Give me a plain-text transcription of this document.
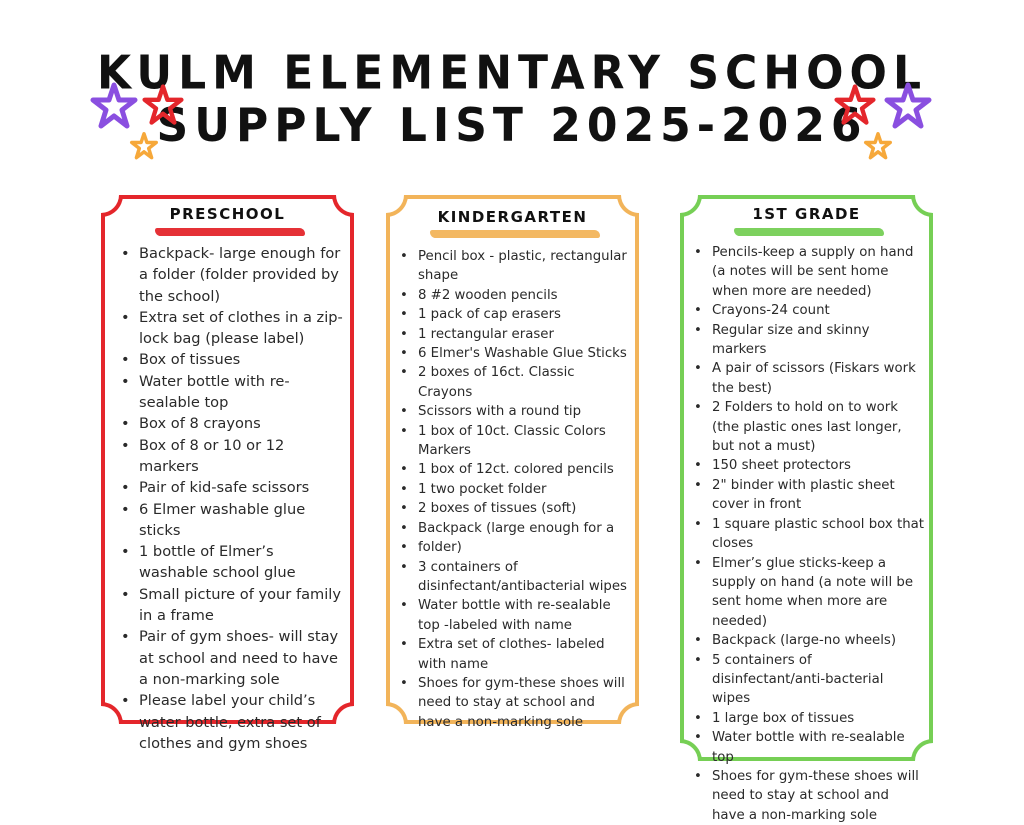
KULM ELEMENTARY SCHOOL
SUPPLY LIST 2025-2026
PRESCHOOL
• Backpack- large enough for a folder (folder provided by the school)
• Extra set of clothes in a zip-lock bag (please label)
• Box of tissues
• Water bottle with re-sealable top
• Box of 8 crayons
• Box of 8 or 10 or 12 markers
• Pair of kid-safe scissors
• 6 Elmer washable glue sticks
• 1 bottle of Elmer’s washable school glue
• Small picture of your family in a frame
• Pair of gym shoes- will stay at school and need to have a non-marking sole
• Please label your child’s water bottle, extra set of clothes and gym shoes
KINDERGARTEN
• Pencil box - plastic, rectangular shape
• 8 #2 wooden pencils
• 1 pack of cap erasers
• 1 rectangular eraser
• 6 Elmer's Washable Glue Sticks
• 2 boxes of 16ct. Classic Crayons
• Scissors with a round tip
• 1 box of 10ct. Classic Colors Markers
• 1 box of 12ct. colored pencils
• 1 two pocket folder
• 2 boxes of tissues (soft)
• Backpack (large enough for a
• folder)
• 3 containers of disinfectant/antibacterial wipes
• Water bottle with re-sealable top -labeled with name
• Extra set of clothes- labeled with name
• Shoes for gym-these shoes will need to stay at school and have a non-marking sole
1ST GRADE
• Pencils-keep a supply on hand (a notes will be sent home when more are needed)
• Crayons-24 count
• Regular size and skinny markers
• A pair of scissors (Fiskars work the best)
• 2 Folders to hold on to work (the plastic ones last longer, but not a must)
• 150 sheet protectors
• 2" binder with plastic sheet cover in front
• 1 square plastic school box that closes
• Elmer’s glue sticks-keep a supply on hand (a note will be sent home when more are needed)
• Backpack (large-no wheels)
• 5 containers of disinfectant/anti-bacterial wipes
• 1 large box of tissues
• Water bottle with re-sealable top
• Shoes for gym-these shoes will need to stay at school and have a non-marking sole
